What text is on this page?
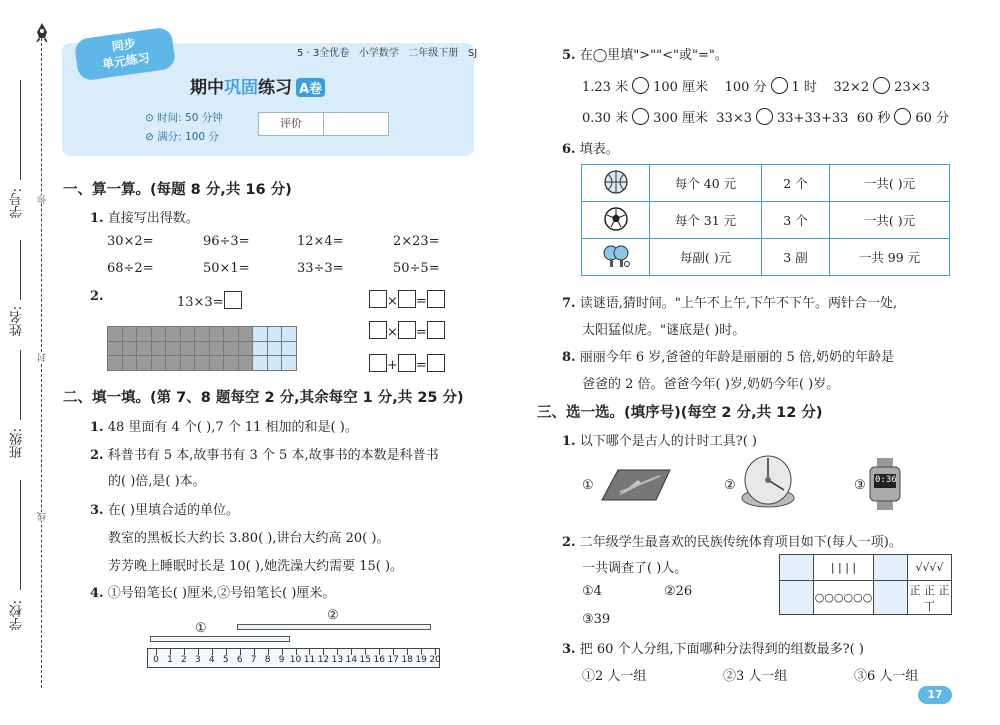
学号:
姓名:
班级:
学校:
弥
封
线
同步
单元练习	5 · 3全优卷 小学数学 二年级下册 SJ
期中巩固练习 A卷
⊙ 时间: 50 分钟
⊘ 满分: 100 分
评价
一、算一算。(每题 8 分,共 16 分)
1. 直接写出得数。
30×2=	96÷3=	12×4=	2×23=
68÷2=	50×1=	33÷3=	50÷5=
2.	13×3=

													× =
× =
+ =
二、填一填。(第 7、8 题每空 2 分,其余每空 1 分,共 25 分)
1. 48 里面有 4 个( ),7 个 11 相加的和是( )。
2. 科普书有 5 本,故事书有 3 个 5 本,故事书的本数是科普书
的( )倍,是( )本。
3. 在( )里填合适的单位。
教室的黑板长大约长 3.80( ),讲台大约高 20( )。
芳芳晚上睡眠时长是 10( ),她洗澡大约需要 15( )。
4. ①号铅笔长( )厘米,②号铅笔长( )厘米。
①
②
0 1 2 3 4 5 6 7 8 9 10 11 12 13 14 15 16 17 18 19 20
5. 在◯里填">""<"或"="。
1.23 米 100 厘米 100 分 1 时 32×2 23×3
0.30 米 300 厘米 33×3 33+33+33 60 秒 60 分
6. 填表。
	每个 40 元	2 个	一共( )元
	每个 31 元	3 个	一共( )元
	每副( )元	3 副	一共 99 元
7. 读谜语,猜时间。"上午不上午,下午不下午。两针合一处,
太阳猛似虎。"谜底是( )时。
8. 丽丽今年 6 岁,爸爸的年龄是丽丽的 5 倍,奶奶的年龄是
爸爸的 2 倍。爸爸今年( )岁,奶奶今年( )岁。
三、选一选。(填序号)(每空 2 分,共 12 分)
1. 以下哪个是古人的计时工具?( )
①	②	③ 0:36
2. 二年级学生最喜欢的民族传统体育项目如下(每人一项)。
一共调查了( )人。
①4	②26
③39
	| | | |		√√√√
	○○○○○○		正 正 正 丅
3. 把 60 个人分组,下面哪种分法得到的组数最多?( )
①2 人一组	②3 人一组	③6 人一组
17
